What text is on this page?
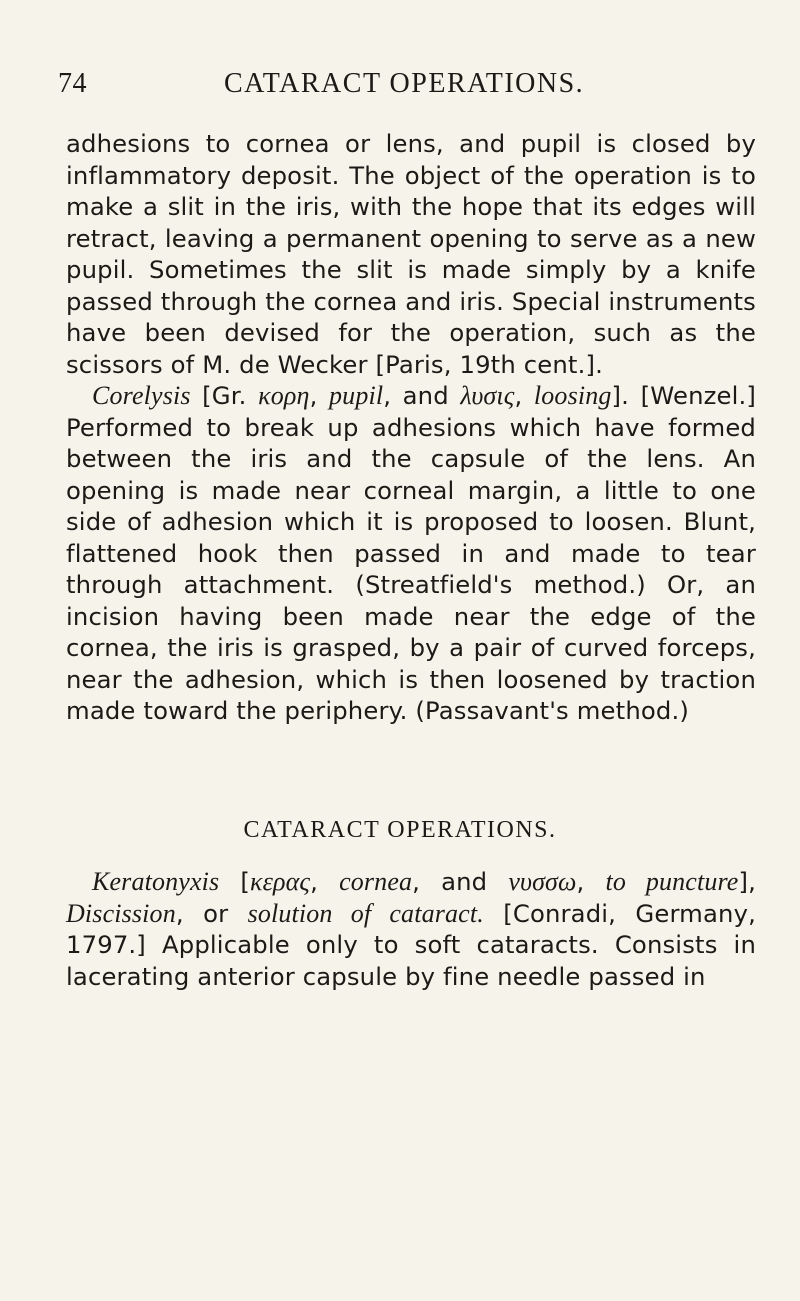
74	CATARACT OPERATIONS.

adhesions to cornea or lens, and pupil is closed by inflammatory deposit. The object of the operation is to make a slit in the iris, with the hope that its edges will retract, leaving a permanent opening to serve as a new pupil. Sometimes the slit is made simply by a knife passed through the cornea and iris. Special instruments have been devised for the operation, such as the scissors of M. de Wecker [Paris, 19th cent.].

Corelysis [Gr. κορη, pupil, and λυσις, loosing]. [Wenzel.] Performed to break up adhesions which have formed between the iris and the capsule of the lens. An opening is made near corneal margin, a little to one side of adhesion which it is proposed to loosen. Blunt, flattened hook then passed in and made to tear through attachment. (Streatfield's method.) Or, an incision having been made near the edge of the cornea, the iris is grasped, by a pair of curved forceps, near the adhesion, which is then loosened by traction made toward the periphery. (Passavant's method.)

CATARACT OPERATIONS.

Keratonyxis [κερας, cornea, and νυσσω, to puncture], Discission, or solution of cataract. [Conradi, Germany, 1797.] Applicable only to soft cataracts. Consists in lacerating anterior capsule by fine needle passed in
